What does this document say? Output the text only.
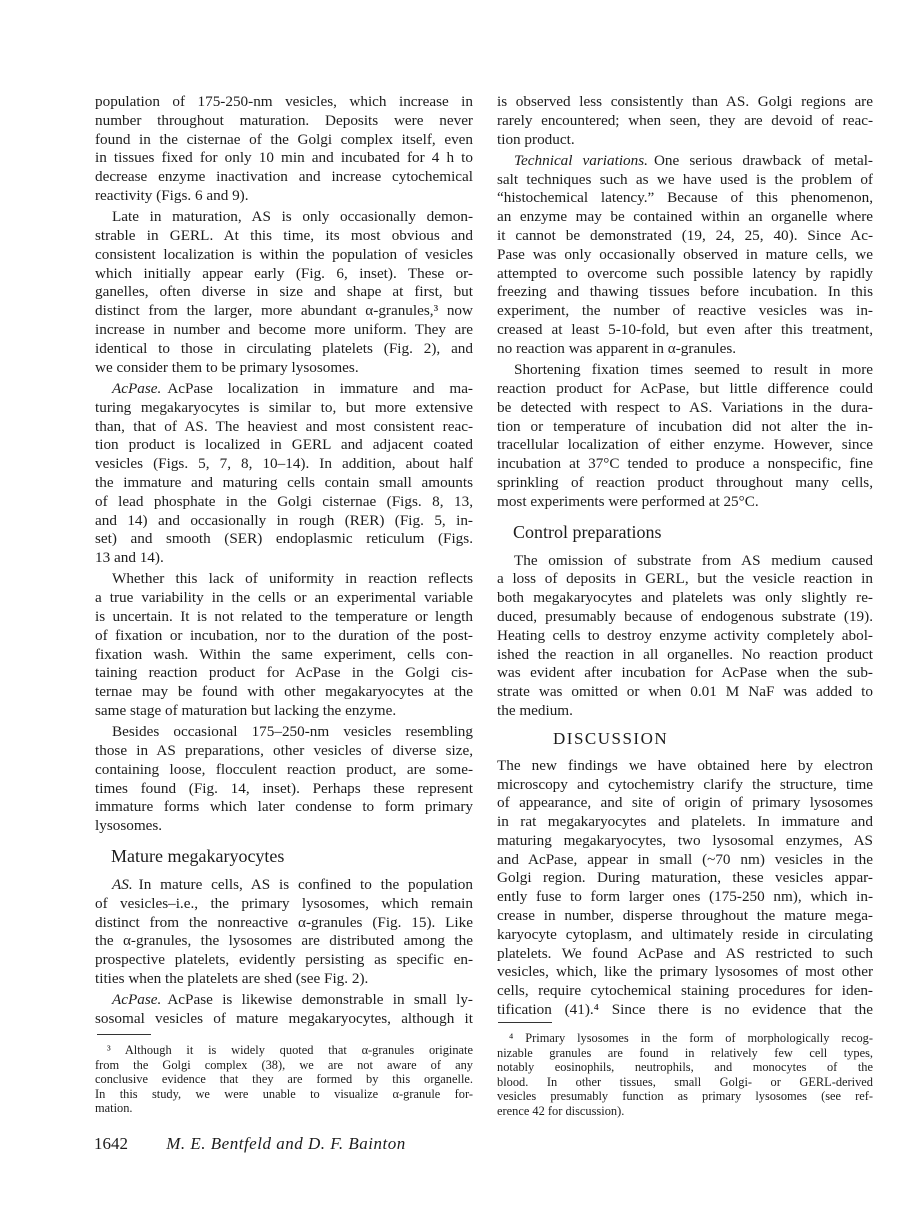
population of 175-250-nm vesicles, which increase in
number throughout maturation. Deposits were never
found in the cisternae of the Golgi complex itself, even
in tissues fixed for only 10 min and incubated for 4 h to
decrease enzyme inactivation and increase cytochemical
reactivity (Figs. 6 and 9).
Late in maturation, AS is only occasionally demon-
strable in GERL. At this time, its most obvious and
consistent localization is within the population of vesicles
which initially appear early (Fig. 6, inset). These or-
ganelles, often diverse in size and shape at first, but
distinct from the larger, more abundant α-granules,³ now
increase in number and become more uniform. They are
identical to those in circulating platelets (Fig. 2), and
we consider them to be primary lysosomes.
AcPase. AcPase localization in immature and ma-
turing megakaryocytes is similar to, but more extensive
than, that of AS. The heaviest and most consistent reac-
tion product is localized in GERL and adjacent coated
vesicles (Figs. 5, 7, 8, 10–14). In addition, about half
the immature and maturing cells contain small amounts
of lead phosphate in the Golgi cisternae (Figs. 8, 13,
and 14) and occasionally in rough (RER) (Fig. 5, in-
set) and smooth (SER) endoplasmic reticulum (Figs.
13 and 14).
Whether this lack of uniformity in reaction reflects
a true variability in the cells or an experimental variable
is uncertain. It is not related to the temperature or length
of fixation or incubation, nor to the duration of the post-
fixation wash. Within the same experiment, cells con-
taining reaction product for AcPase in the Golgi cis-
ternae may be found with other megakaryocytes at the
same stage of maturation but lacking the enzyme.
Besides occasional 175–250-nm vesicles resembling
those in AS preparations, other vesicles of diverse size,
containing loose, flocculent reaction product, are some-
times found (Fig. 14, inset). Perhaps these represent
immature forms which later condense to form primary
lysosomes.
Mature megakaryocytes
AS. In mature cells, AS is confined to the population
of vesicles–i.e., the primary lysosomes, which remain
distinct from the nonreactive α-granules (Fig. 15). Like
the α-granules, the lysosomes are distributed among the
prospective platelets, evidently persisting as specific en-
tities when the platelets are shed (see Fig. 2).
AcPase. AcPase is likewise demonstrable in small ly-
sosomal vesicles of mature megakaryocytes, although it
is observed less consistently than AS. Golgi regions are
rarely encountered; when seen, they are devoid of reac-
tion product.
Technical variations. One serious drawback of metal-
salt techniques such as we have used is the problem of
“histochemical latency.” Because of this phenomenon,
an enzyme may be contained within an organelle where
it cannot be demonstrated (19, 24, 25, 40). Since Ac-
Pase was only occasionally observed in mature cells, we
attempted to overcome such possible latency by rapidly
freezing and thawing tissues before incubation. In this
experiment, the number of reactive vesicles was in-
creased at least 5-10-fold, but even after this treatment,
no reaction was apparent in α-granules.
Shortening fixation times seemed to result in more
reaction product for AcPase, but little difference could
be detected with respect to AS. Variations in the dura-
tion or temperature of incubation did not alter the in-
tracellular localization of either enzyme. However, since
incubation at 37°C tended to produce a nonspecific, fine
sprinkling of reaction product throughout many cells,
most experiments were performed at 25°C.
Control preparations
The omission of substrate from AS medium caused
a loss of deposits in GERL, but the vesicle reaction in
both megakaryocytes and platelets was only slightly re-
duced, presumably because of endogenous substrate (19).
Heating cells to destroy enzyme activity completely abol-
ished the reaction in all organelles. No reaction product
was evident after incubation for AcPase when the sub-
strate was omitted or when 0.01 M NaF was added to
the medium.
DISCUSSION
The new findings we have obtained here by electron
microscopy and cytochemistry clarify the structure, time
of appearance, and site of origin of primary lysosomes
in rat megakaryocytes and platelets. In immature and
maturing megakaryocytes, two lysosomal enzymes, AS
and AcPase, appear in small (~70 nm) vesicles in the
Golgi region. During maturation, these vesicles appar-
ently fuse to form larger ones (175-250 nm), which in-
crease in number, disperse throughout the mature mega-
karyocyte cytoplasm, and ultimately reside in circulating
platelets. We found AcPase and AS restricted to such
vesicles, which, like the primary lysosomes of most other
cells, require cytochemical staining procedures for iden-
tification (41).⁴ Since there is no evidence that the
³ Although it is widely quoted that α-granules originate
from the Golgi complex (38), we are not aware of any
conclusive evidence that they are formed by this organelle.
In this study, we were unable to visualize α-granule for-
mation.
⁴ Primary lysosomes in the form of morphologically recog-
nizable granules are found in relatively few cell types,
notably eosinophils, neutrophils, and monocytes of the
blood. In other tissues, small Golgi- or GERL-derived
vesicles presumably function as primary lysosomes (see ref-
erence 42 for discussion).
1642 M. E. Bentfeld and D. F. Bainton
